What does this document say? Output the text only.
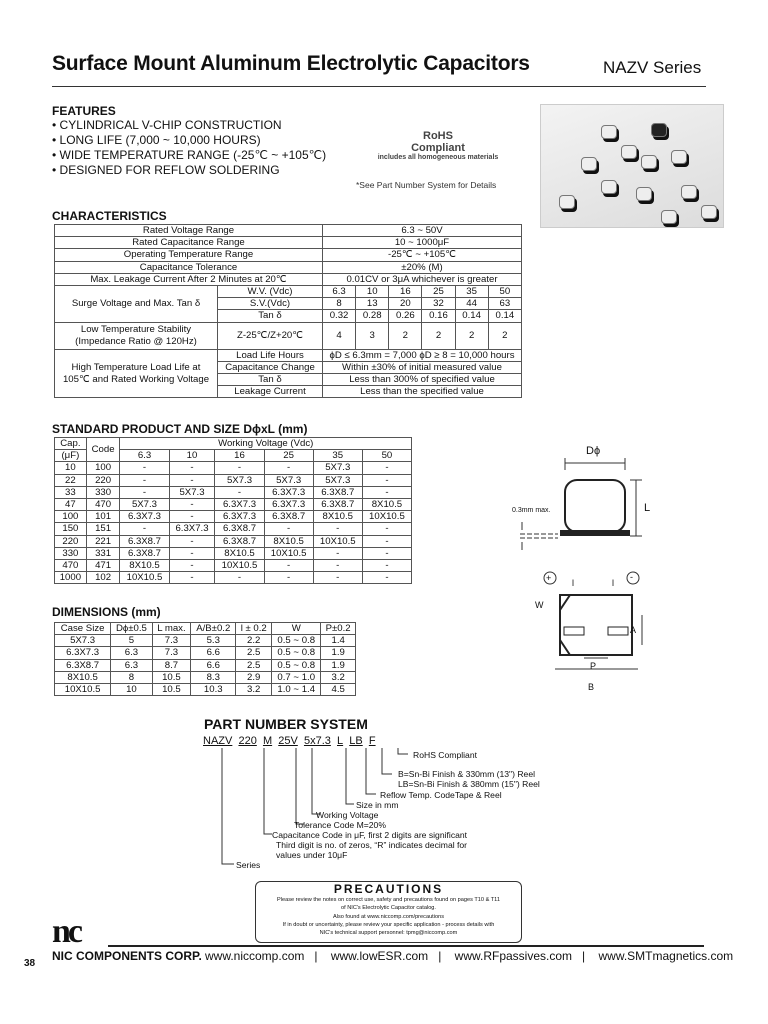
Surface Mount Aluminum Electrolytic Capacitors	NAZV Series
FEATURES
• CYLINDRICAL V-CHIP CONSTRUCTION
• LONG LIFE (7,000 ~ 10,000 HOURS)
• WIDE TEMPERATURE RANGE (-25℃ ~ +105℃)
• DESIGNED FOR REFLOW SOLDERING
RoHS
Compliant
includes all homogeneous materials
*See Part Number System for Details
CHARACTERISTICS
Rated Voltage Range		6.3 ~ 50V					
Rated Capacitance Range		10 ~ 1000μF					
Operating Temperature Range		-25℃ ~ +105℃					
Capacitance Tolerance		±20% (M)					
Max. Leakage Current After 2 Minutes at 20℃		0.01CV or 3μA whichever is greater					
Surge Voltage and Max. Tan δ	W.V. (Vdc)	6.3	10	16	25	35	50
	S.V.(Vdc)	8	13	20	32	44	63
	Tan δ	0.32	0.28	0.26	0.16	0.14	0.14
Low Temperature Stability
(Impedance Ratio @ 120Hz)	Z-25℃/Z+20℃	4	3	2	2	2	2
High Temperature Load Life at
105℃ and Rated Working Voltage	Load Life Hours	ϕD ≤ 6.3mm = 7,000 ϕD ≥ 8 = 10,000 hours					
	Capacitance Change	Within ±30% of initial measured value					
	Tan δ	Less than 300% of specified value					
	Leakage Current	Less than the specified value					
STANDARD PRODUCT AND SIZE DϕxL (mm)
Cap.	Code	Working Voltage (Vdc)					
(μF)		6.3	10	16	25	35	50
10	100	-	-	-	-	5X7.3	-
22	220	-	-	5X7.3	5X7.3	5X7.3	-
33	330	-	5X7.3	-	6.3X7.3	6.3X8.7	-
47	470	5X7.3	-	6.3X7.3	6.3X7.3	6.3X8.7	8X10.5
100	101	6.3X7.3	-	6.3X7.3	6.3X8.7	8X10.5	10X10.5
150	151	-	6.3X7.3	6.3X8.7	-	-	-
220	221	6.3X8.7	-	6.3X8.7	8X10.5	10X10.5	-
330	331	6.3X8.7	-	8X10.5	10X10.5	-	-
470	471	8X10.5	-	10X10.5	-	-	-
1000	102	10X10.5	-	-	-	-	-
DIMENSIONS (mm)
Case Size	Dϕ±0.5	L max.	A/B±0.2	l ± 0.2	W	P±0.2
5X7.3	5	7.3	5.3	2.2	0.5 ~ 0.8	1.4
6.3X7.3	6.3	7.3	6.6	2.5	0.5 ~ 0.8	1.9
6.3X8.7	6.3	8.7	6.6	2.5	0.5 ~ 0.8	1.9
8X10.5	8	10.5	8.3	2.9	0.7 ~ 1.0	3.2
10X10.5	10	10.5	10.3	3.2	1.0 ~ 1.4	4.5
Dϕ
L
0.3mm max.
+	-
W
l	l
A
P
B
PART NUMBER SYSTEM
NAZV 220 M 25V 5x7.3 L LB F
RoHS Compliant
B=Sn-Bi Finish & 330mm (13") Reel
LB=Sn-Bi Finish & 380mm (15") Reel
Reflow Temp. CodeTape & Reel
Size in mm
Working Voltage
Tolerance Code M=20%
Capacitance Code in μF, first 2 digits are significant
Third digit is no. of zeros, “R” indicates decimal for
values under 10μF
Series
PRECAUTIONS
Please review the notes on correct use, safety and precautions found on pages T10 & T11
of NIC's Electrolytic Capacitor catalog.
Also found at www.niccomp.com/precautions
If in doubt or uncertainty, please review your specific application - process details with
NIC's technical support personnel: tpmg@niccomp.com
nc
NIC COMPONENTS CORP. www.niccomp.com | www.lowESR.com | www.RFpassives.com | www.SMTmagnetics.com
38
